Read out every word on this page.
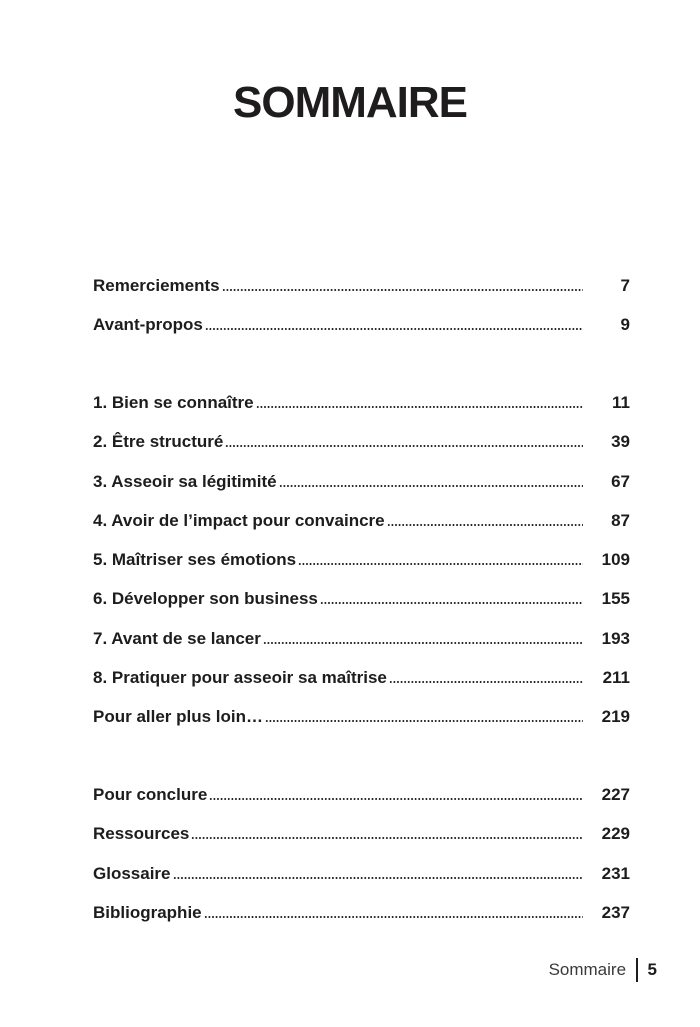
SOMMAIRE
Remerciements	7
Avant-propos	9
1. Bien se connaître	11
2. Être structuré	39
3. Asseoir sa légitimité	67
4. Avoir de l’impact pour convaincre	87
5. Maîtriser ses émotions	109
6. Développer son business	155
7. Avant de se lancer	193
8. Pratiquer pour asseoir sa maîtrise	211
Pour aller plus loin…	219
Pour conclure	227
Ressources	229
Glossaire	231
Bibliographie	237
Sommaire 5
